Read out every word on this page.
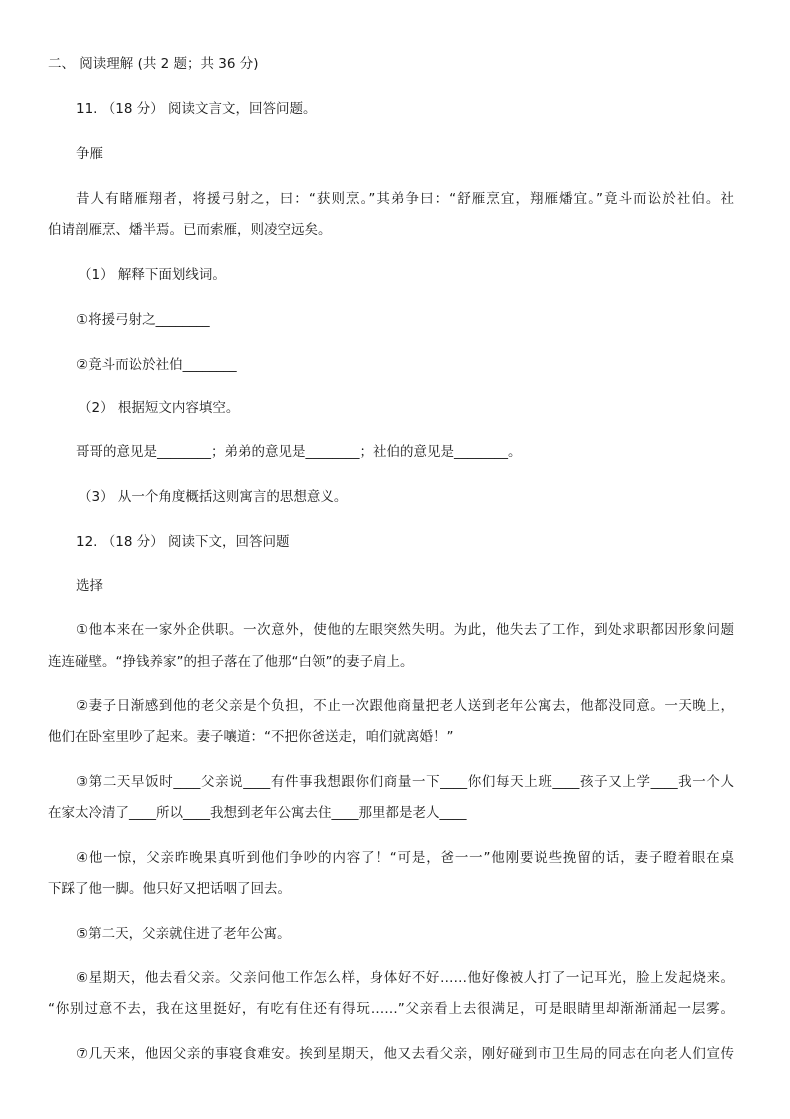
二、 阅读理解 (共 2 题；共 36 分)
11. （18 分） 阅读文言文，回答问题。
争雁
昔人有睹雁翔者，将援弓射之，曰：“获则烹。”其弟争曰：“舒雁烹宜，翔雁燔宜。”竟斗而讼於社伯。社
伯请剖雁烹、燔半焉。已而索雁，则凌空远矣。
（1） 解释下面划线词。
①将援弓射之________
②竟斗而讼於社伯________
（2） 根据短文内容填空。
哥哥的意见是________；弟弟的意见是________；社伯的意见是________。
（3） 从一个角度概括这则寓言的思想意义。
12. （18 分） 阅读下文，回答问题
选择
①他本来在一家外企供职。一次意外，使他的左眼突然失明。为此，他失去了工作，到处求职都因形象问题
连连碰壁。“挣钱养家”的担子落在了他那“白领”的妻子肩上。
②妻子日渐感到他的老父亲是个负担，不止一次跟他商量把老人送到老年公寓去，他都没同意。一天晚上，
他们在卧室里吵了起来。妻子嚷道：“不把你爸送走，咱们就离婚！”
③第二天早饭时____父亲说____有件事我想跟你们商量一下____你们每天上班____孩子又上学____我一个人
在家太冷清了____所以____我想到老年公寓去住____那里都是老人____
④他一惊，父亲昨晚果真听到他们争吵的内容了！“可是，爸一一”他刚要说些挽留的话，妻子瞪着眼在桌
下踩了他一脚。他只好又把话咽了回去。
⑤第二天，父亲就住进了老年公寓。
⑥星期天，他去看父亲。父亲问他工作怎么样，身体好不好……他好像被人打了一记耳光，脸上发起烧来。
“你别过意不去，我在这里挺好，有吃有住还有得玩……”父亲看上去很满足，可是眼睛里却渐渐涌起一层雾。
⑦几天来，他因父亲的事寝食难安。挨到星期天，他又去看父亲，刚好碰到市卫生局的同志在向老人们宣传
